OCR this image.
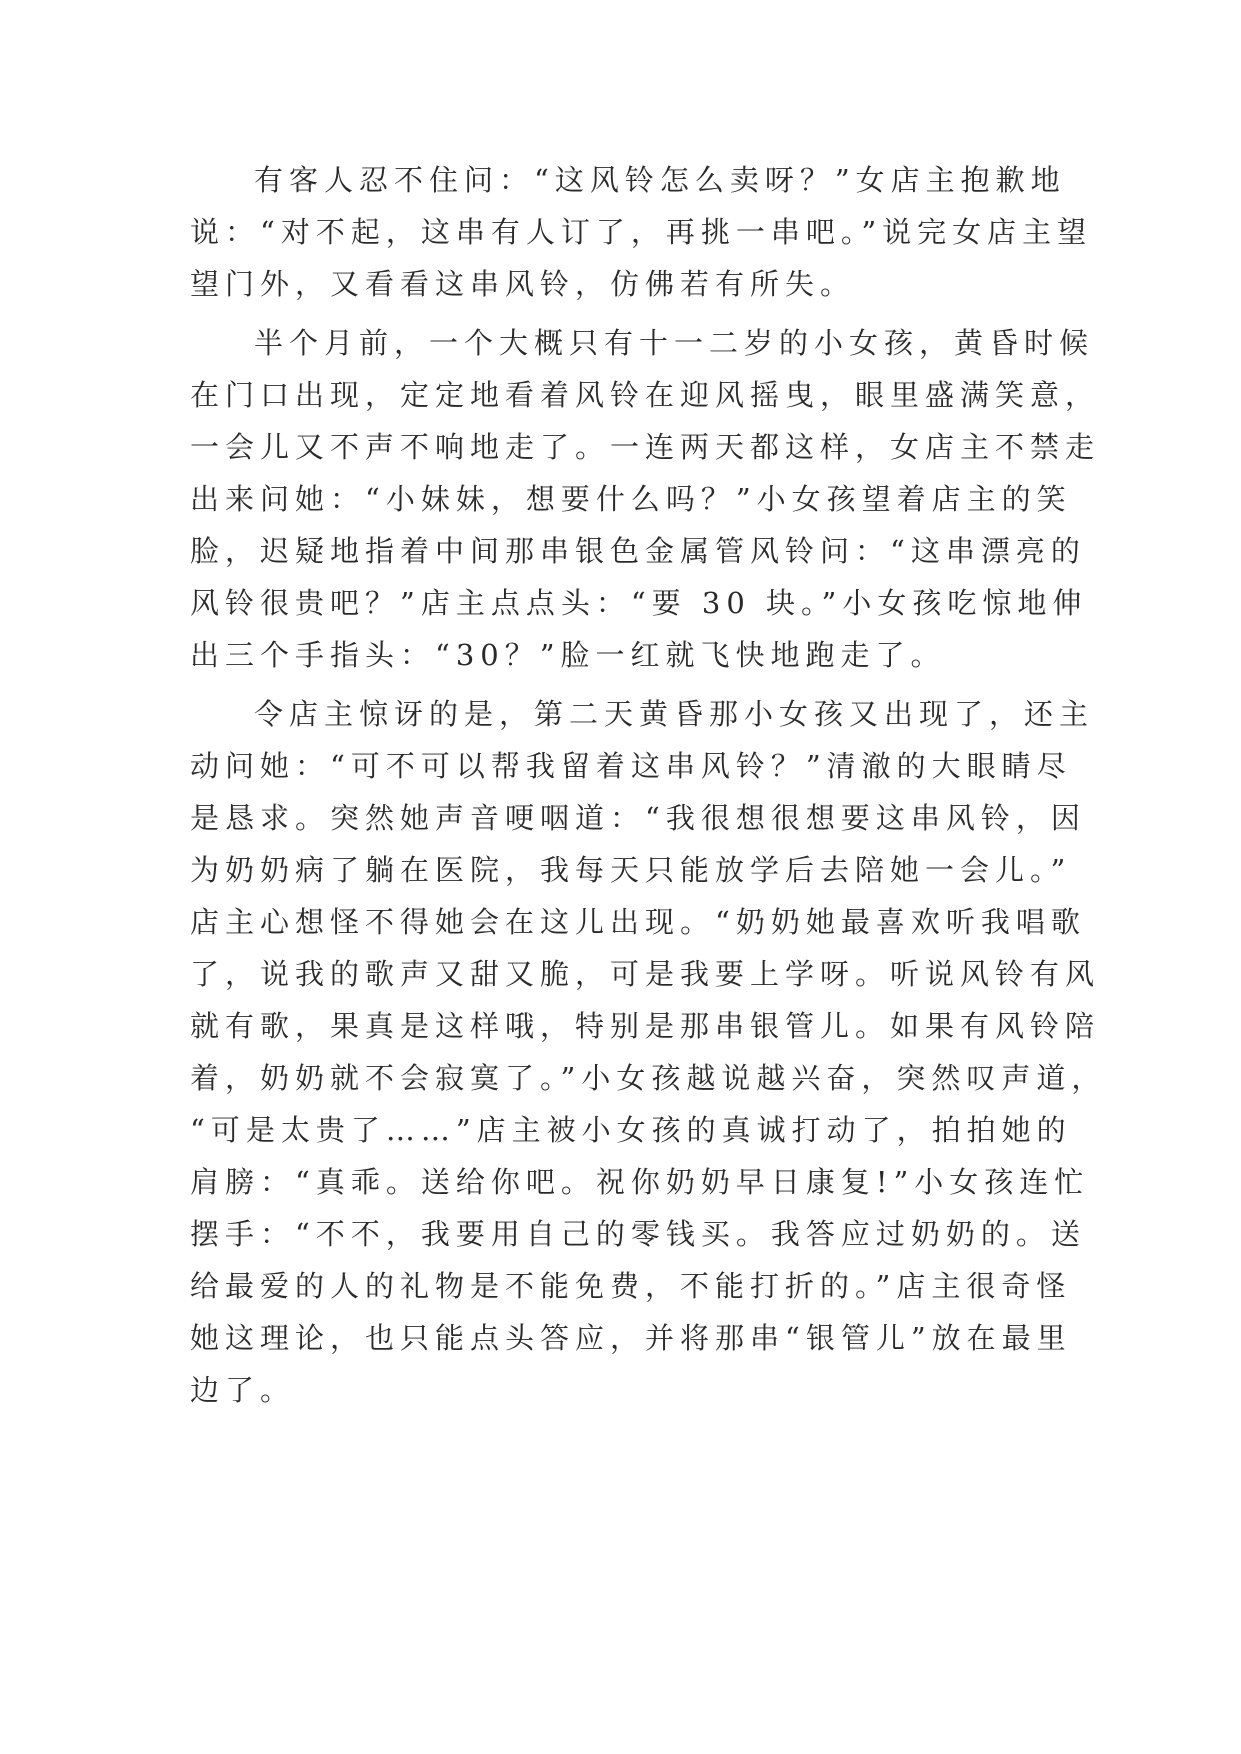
有客人忍不住问：“这风铃怎么卖呀？”女店主抱歉地
说：“对不起，这串有人订了，再挑一串吧。”说完女店主望
望门外，又看看这串风铃，仿佛若有所失。
半个月前，一个大概只有十一二岁的小女孩，黄昏时候
在门口出现，定定地看着风铃在迎风摇曳，眼里盛满笑意，
一会儿又不声不响地走了。一连两天都这样，女店主不禁走
出来问她：“小妹妹，想要什么吗？”小女孩望着店主的笑
脸，迟疑地指着中间那串银色金属管风铃问：“这串漂亮的
风铃很贵吧？”店主点点头：“要 30 块。”小女孩吃惊地伸
出三个手指头：“30？”脸一红就飞快地跑走了。
令店主惊讶的是，第二天黄昏那小女孩又出现了，还主
动问她：“可不可以帮我留着这串风铃？”清澈的大眼睛尽
是恳求。突然她声音哽咽道：“我很想很想要这串风铃，因
为奶奶病了躺在医院，我每天只能放学后去陪她一会儿。”
店主心想怪不得她会在这儿出现。“奶奶她最喜欢听我唱歌
了，说我的歌声又甜又脆，可是我要上学呀。听说风铃有风
就有歌，果真是这样哦，特别是那串银管儿。如果有风铃陪
着，奶奶就不会寂寞了。”小女孩越说越兴奋，突然叹声道，
“可是太贵了……”店主被小女孩的真诚打动了，拍拍她的
肩膀：“真乖。送给你吧。祝你奶奶早日康复!”小女孩连忙
摆手：“不不，我要用自己的零钱买。我答应过奶奶的。送
给最爱的人的礼物是不能免费，不能打折的。”店主很奇怪
她这理论，也只能点头答应，并将那串“银管儿”放在最里
边了。
